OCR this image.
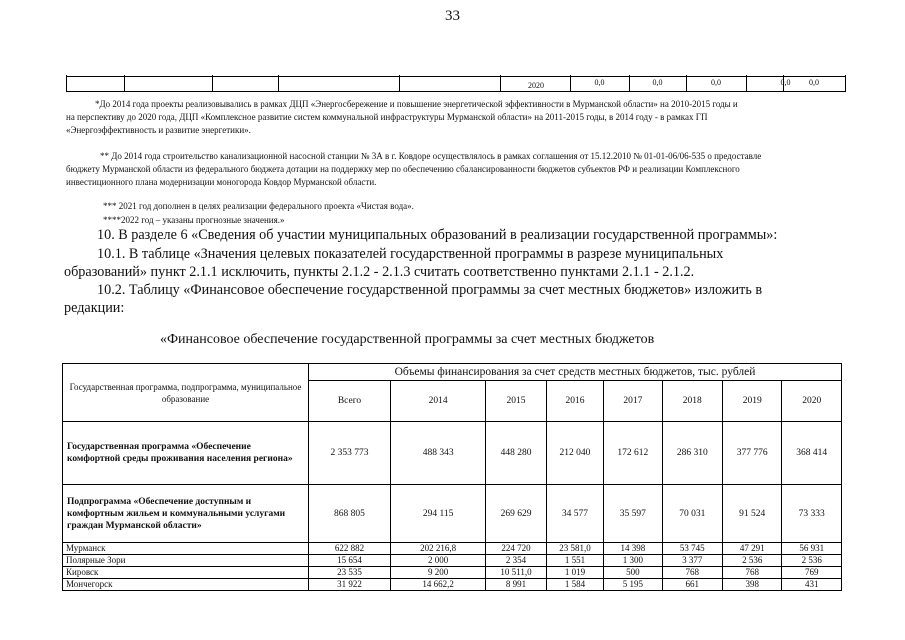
33
2020	0,0	0,0	0,0	0,0	0,0
*До 2014 года проекты реализовывались в рамках ДЦП «Энергосбережение и повышение энергетической эффективности в Мурманской области» на 2010-2015 годы и
на перспективу до 2020 года, ДЦП «Комплексное развитие систем коммунальной инфраструктуры Мурманской области» на 2011-2015 годы, в 2014 году - в рамках ГП
«Энергоэффективность и развитие энергетики».
** До 2014 года строительство канализационной насосной станции № 3А в г. Ковдоре осуществлялось в рамках соглашения от 15.12.2010 № 01-01-06/06-535 о предоставле
бюджету Мурманской области из федерального бюджета дотации на поддержку мер по обеспечению сбалансированности бюджетов субъектов РФ и реализации Комплексного
инвестиционного плана модернизации моногорода Ковдор Мурманской области.
*** 2021 год дополнен в целях реализации федерального проекта «Чистая вода».
****2022 год – указаны прогнозные значения.»
10. В разделе 6 «Сведения об участии муниципальных образований в реализации государственной программы»:
10.1. В таблице «Значения целевых показателей государственной программы в разрезе муниципальных
образований» пункт 2.1.1 исключить, пункты 2.1.2 - 2.1.3 считать соответственно пунктами 2.1.1 - 2.1.2.
10.2. Таблицу «Финансовое обеспечение государственной программы за счет местных бюджетов» изложить в
редакции:
«Финансовое обеспечение государственной программы за счет местных бюджетов
Государственная программа, подпрограмма, муниципальное образование	Объемы финансирования за счет средств местных бюджетов, тыс. рублей							
	Всего	2014	2015	2016	2017	2018	2019	2020
Государственная программа «Обеспечение комфортной среды проживания населения региона»	2 353 773	488 343	448 280	212 040	172 612	286 310	377 776	368 414
Подпрограмма «Обеспечение доступным и комфортным жильем и коммунальными услугами граждан Мурманской области»	868 805	294 115	269 629	34 577	35 597	70 031	91 524	73 333
Мурманск	622 882	202 216,8	224 720	23 581,0	14 398	53 745	47 291	56 931
Полярные Зори	15 654	2 000	2 354	1 551	1 300	3 377	2 536	2 536
Кировск	23 535	9 200	10 511,0	1 019	500	768	768	769
Мончегорск	31 922	14 662,2	8 991	1 584	5 195	661	398	431
